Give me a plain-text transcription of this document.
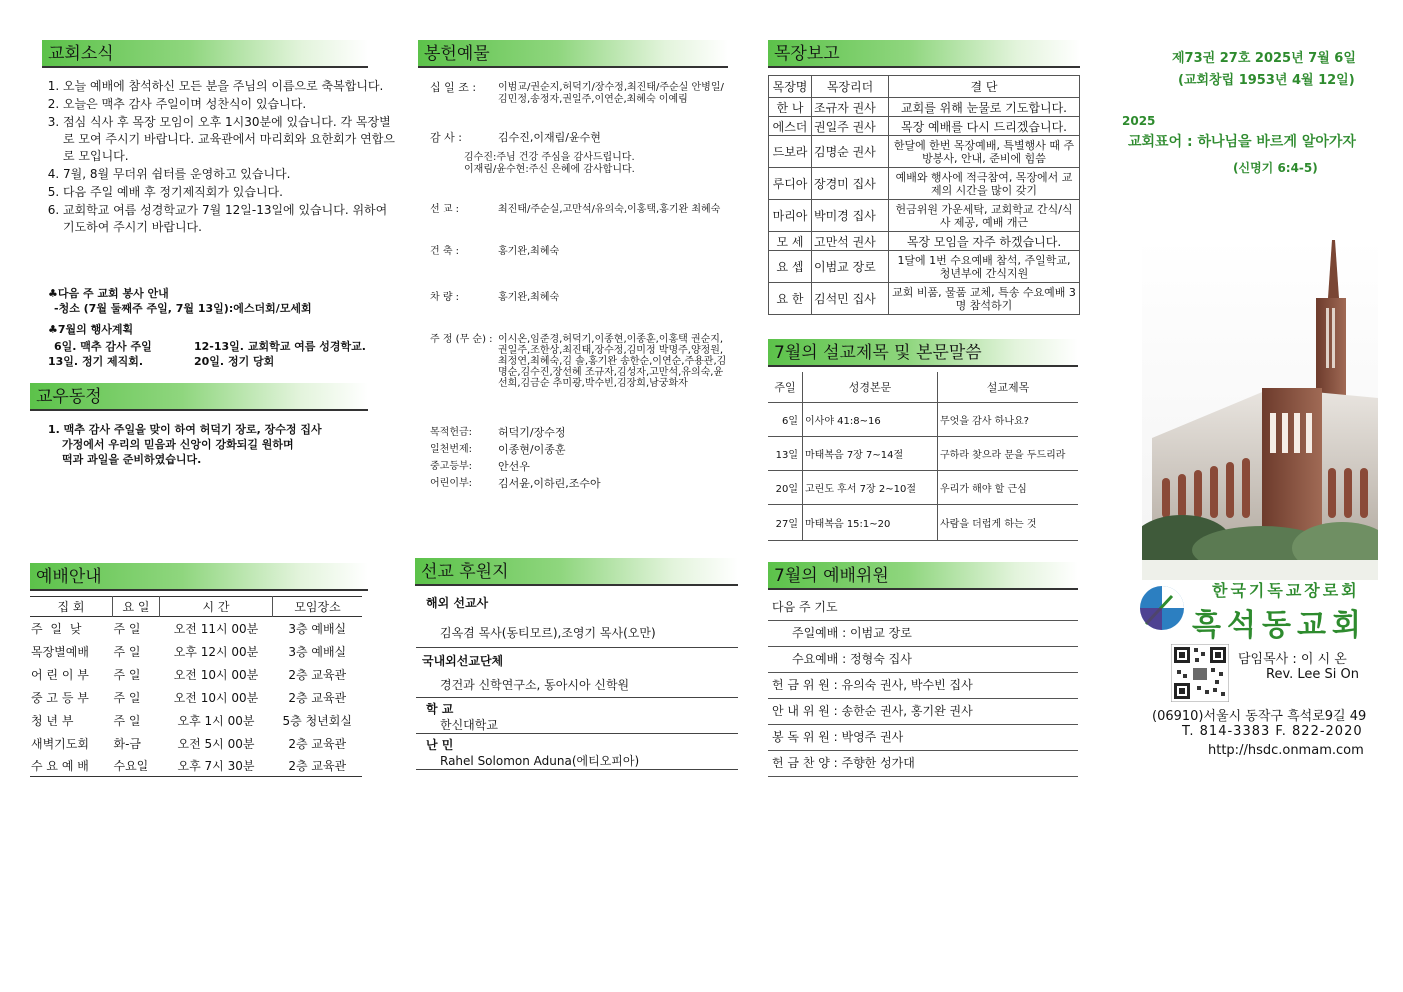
교회소식
1. 오늘 예배에 참석하신 모든 분을 주님의 이름으로 축복합니다.
2. 오늘은 맥추 감사 주일이며 성찬식이 있습니다.
3. 점심 식사 후 목장 모임이 오후 1시30분에 있습니다. 각 목장별로 모여 주시기 바랍니다. 교육관에서 마리회와 요한회가 연합으로 모입니다.
4. 7월, 8월 무더위 쉼터를 운영하고 있습니다.
5. 다음 주일 예배 후 정기제직회가 있습니다.
6. 교회학교 여름 성경학교가 7월 12일-13일에 있습니다. 위하여 기도하여 주시기 바랍니다.
♣다음 주 교회 봉사 안내
-청소 (7월 둘째주 주일, 7월 13일):에스더회/모세회
♣7월의 행사계획
6일. 맥추 감사 주일	12-13일. 교회학교 여름 성경학교.
13일. 정기 제직회.	20일. 정기 당회
교우동정
1. 맥추 감사 주일을 맞이 하여 허덕기 장로, 장수정 집사
가정에서 우리의 믿음과 신앙이 강화되길 원하며
떡과 과일을 준비하였습니다.
예배안내
집 회	요 일	시 간	모임장소
주 일 낮	주 일	오전 11시 00분	3층 예배실
목장별예배	주 일	오후 12시 00분	3층 예배실
어 린 이 부	주 일	오전 10시 00분	2층 교육관
중 고 등 부	주 일	오전 10시 00분	2층 교육관
청 년 부	주 일	오후 1시 00분	5층 청년회실
새벽기도회	화-금	오전 5시 00분	2층 교육관
수 요 예 배	수요일	오후 7시 30분	2층 교육관
봉헌예물
십 일 조 :	이범교/권순지,허덕기/장수정,최진태/주순실 안병일/김민정,송정자,권일주,이연순,최혜숙 이예림
감 사 :	김수진,이재림/윤수현
김수진:주님 건강 주심을 감사드립니다.
이재림/윤수현:주신 은혜에 감사합니다.
선 교 :	최진태/주순실,고만석/유의숙,이홍택,홍기완 최혜숙
건 축 :	홍기완,최혜숙
차 량 :	홍기완,최혜숙
주 정 (무 순) : 이시온,임준경,허덕기,이종현,이종훈,이홍택 권순지,권일주,조한상,최진태,장수정,김미정 박명주,양정원,최정연,최혜숙,김 솔,홍기완 송한순,이연순,주용관,김명순,김수진,장선혜 조규자,김성자,고만석,유의숙,윤선희,김금순 추미광,박수빈,김장희,남궁화자
목적헌금:	허덕기/장수정
일천번제:	이종현/이종훈
중고등부:	안선우
어린이부:	김서윤,이하린,조수아
선교 후원지
해외 선교사
김옥겸 목사(동티모르),조영기 목사(오만)
국내외선교단체
경건과 신학연구소, 동아시아 신학원
학 교
한신대학교
난 민
Rahel Solomon Aduna(에티오피아)
목장보고
목장명	목장리더	결 단
한 나	조규자 권사	교회를 위해 눈물로 기도합니다.
에스더	권일주 권사	목장 예배를 다시 드리겠습니다.
드보라	김명순 권사	한달에 한번 목장예배, 특별행사 때 주방봉사, 안내, 준비에 힘씀
루디아	장경미 집사	예배와 행사에 적극참여, 목장에서 교제의 시간을 많이 갖기
마리아	박미경 집사	헌금위원 가운세탁, 교회학교 간식/식사 제공, 예배 개근
모 세	고만석 권사	목장 모임을 자주 하겠습니다.
요 셉	이범교 장로	1달에 1번 수요예배 참석, 주일학교, 청년부에 간식지원
요 한	김석민 집사	교회 비품, 물품 교체, 특송 수요예배 3명 참석하기
7월의 설교제목 및 본문말씀
주일	성경본문	설교제목
6일	이사야 41:8~16	무엇을 감사 하나요?
13일	마태복음 7장 7~14절	구하라 찾으라 문을 두드리라
20일	고린도 후서 7장 2~10절	우리가 해야 할 근심
27일	마태복음 15:1~20	사람을 더럽게 하는 것
7월의 예배위원
다음 주 기도
주일예배 : 이범교 장로
수요예배 : 정형숙 집사
헌 금 위 원 : 유의숙 권사, 박수빈 집사
안 내 위 원 : 송한순 권사, 홍기완 권사
봉 독 위 원 : 박영주 권사
헌 금 찬 양 : 주향한 성가대
제73권 27호 2025년 7월 6일
(교회창립 1953년 4월 12일)
2025
교회표어 : 하나님을 바르게 알아가자
(신명기 6:4-5)
한국기독교장로회
흑석동교회
담임목사 : 이 시 온
Rev. Lee Si On
(06910)서울시 동작구 흑석로9길 49
T. 814-3383 F. 822-2020
http://hsdc.onmam.com
